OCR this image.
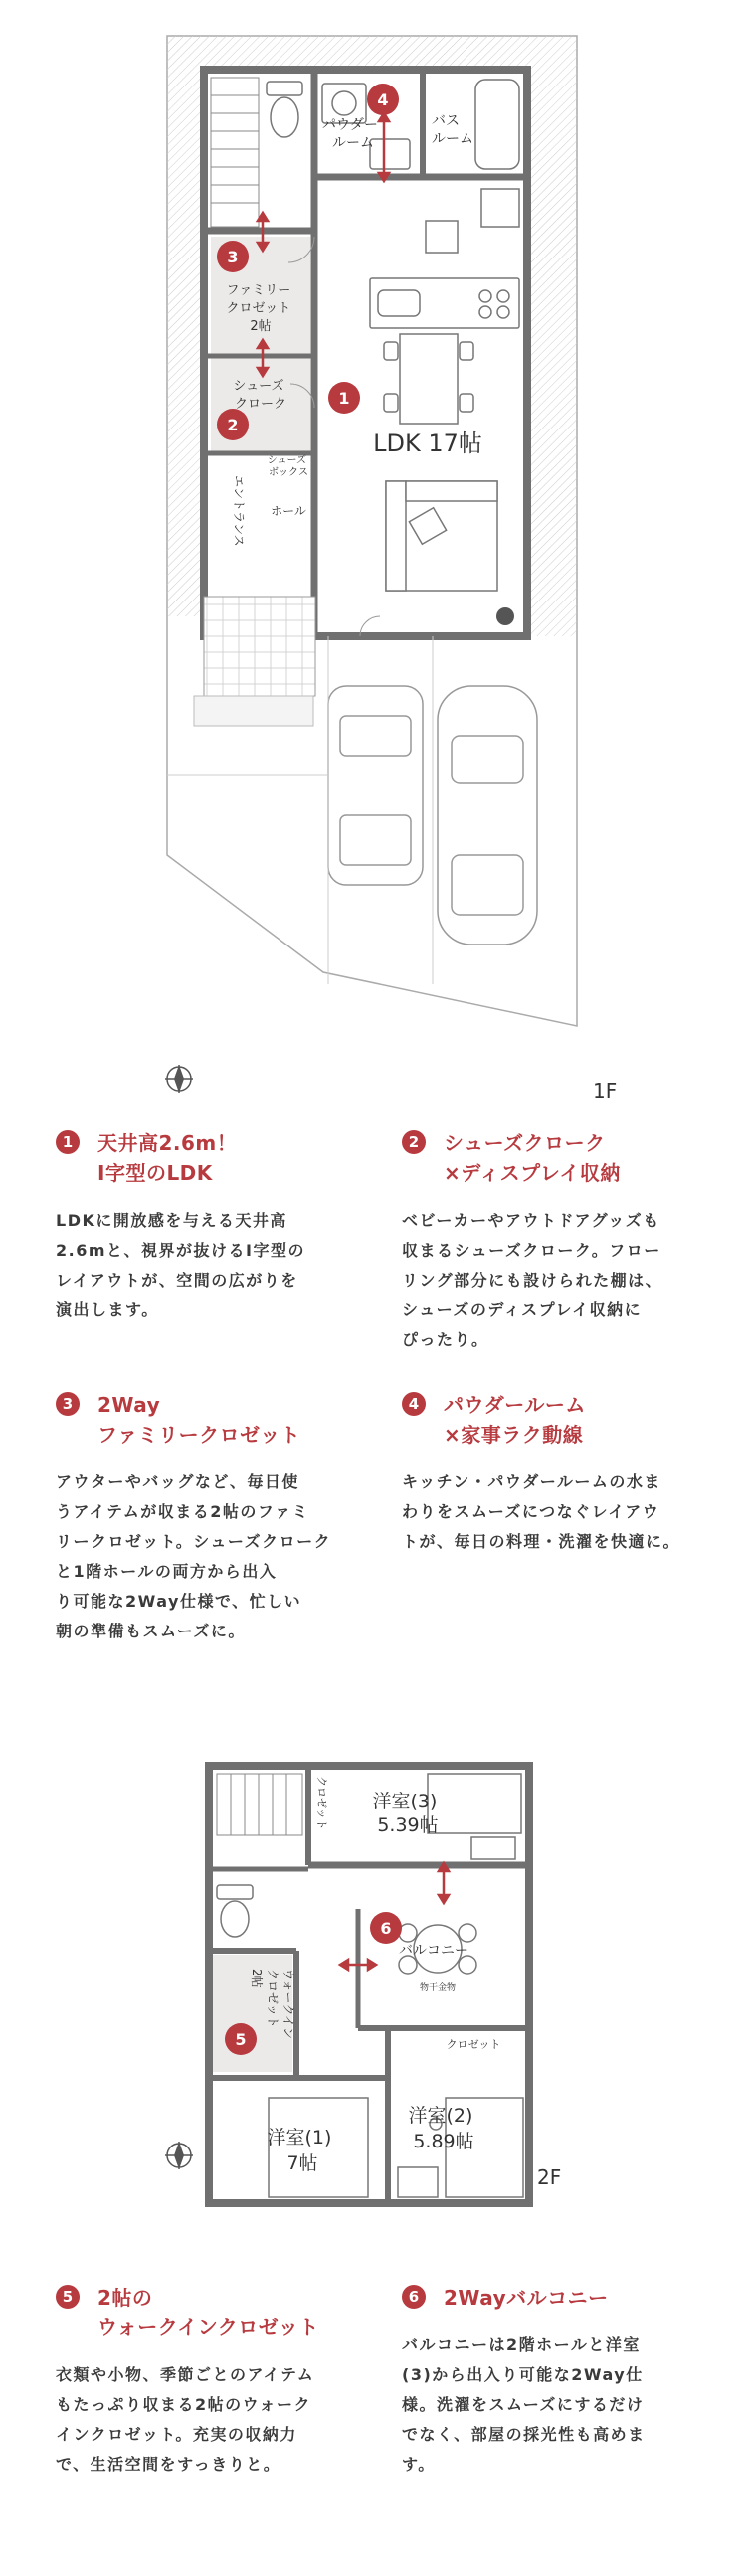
パウダー ルーム
バス ルーム
ファミリー クロゼット 2帖
シューズ クローク
シューズ ボックス
エントランス ホール
LDK 17帖
1
2
3
4
1F
1	天井高2.6m！
I字型のLDK
LDKに開放感を与える天井高
2.6mと、視界が抜けるI字型の
レイアウトが、空間の広がりを
演出します。
2	シューズクローク
×ディスプレイ収納
ベビーカーやアウトドアグッズも
収まるシューズクローク。フロー
リング部分にも設けられた棚は、
シューズのディスプレイ収納に
ぴったり。
3	2Way
ファミリークロゼット
アウターやバッグなど、毎日使
うアイテムが収まる2帖のファミ
リークロゼット。シューズクローク
と1階ホールの両方から出入
り可能な2Way仕様で、忙しい
朝の準備もスムーズに。
4	パウダールーム
×家事ラク動線
キッチン・パウダールームの水ま
わりをスムーズにつなぐレイアウ
トが、毎日の料理・洗濯を快適に。
クロゼット 洋室(3) 5.39帖
バルコニー
物干金物
ウォークイン
クロゼット
2帖
クロゼット
洋室(1) 7帖
洋室(2) 5.89帖
5
6
2F
5	2帖の
ウォークインクロゼット
衣類や小物、季節ごとのアイテム
もたっぷり収まる2帖のウォーク
インクロゼット。充実の収納力
で、生活空間をすっきりと。
6	2Wayバルコニー
バルコニーは2階ホールと洋室
(3)から出入り可能な2Way仕
様。洗濯をスムーズにするだけ
でなく、部屋の採光性も高めま
す。
